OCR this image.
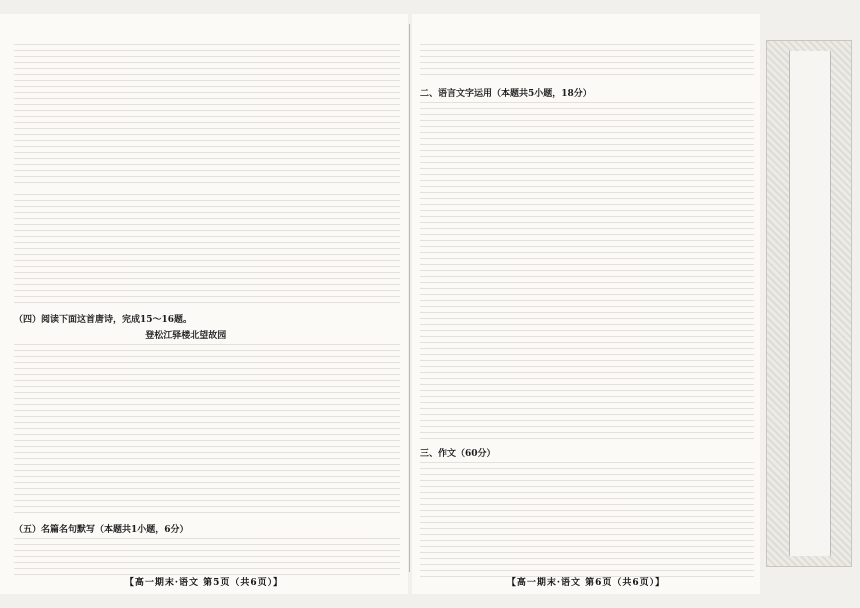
（四）阅读下面这首唐诗，完成15～16题。
登松江驿楼北望故园
（五）名篇名句默写（本题共1小题，6分）
【高一期末·语文 第5页（共6页）】
二、语言文字运用（本题共5小题，18分）
三、作文（60分）
【高一期末·语文 第6页（共6页）】
